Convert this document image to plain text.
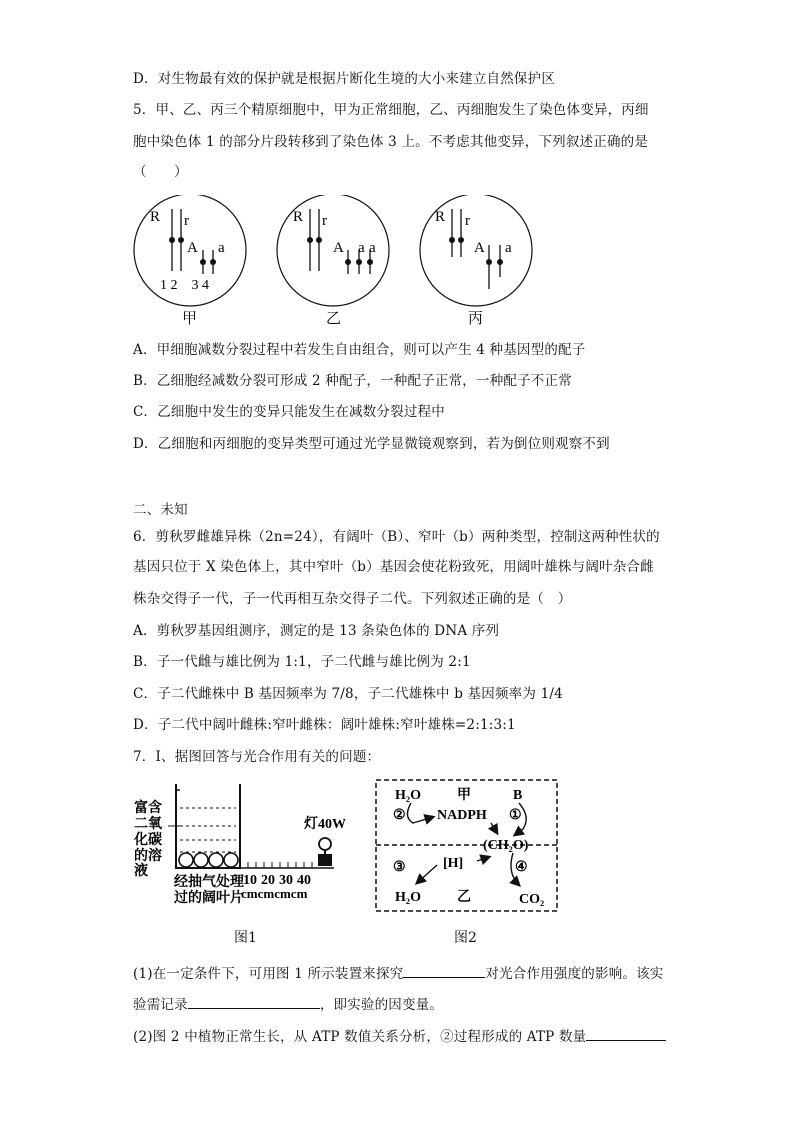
D．对生物最有效的保护就是根据片断化生境的大小来建立自然保护区
5．甲、乙、丙三个精原细胞中，甲为正常细胞，乙、丙细胞发生了染色体变异，丙细
胞中染色体 1 的部分片段转移到了染色体 3 上。不考虑其他变异，下列叙述正确的是
（　　）
R r
A a
1 2　3 4
R r
A a a
R r
A a
甲	乙	丙
A．甲细胞减数分裂过程中若发生自由组合，则可以产生 4 种基因型的配子
B．乙细胞经减数分裂可形成 2 种配子，一种配子正常，一种配子不正常
C．乙细胞中发生的变异只能发生在减数分裂过程中
D．乙细胞和丙细胞的变异类型可通过光学显微镜观察到，若为倒位则观察不到
二、未知
6．剪秋罗雌雄异株（2n=24），有阔叶（B）、窄叶（b）两种类型，控制这两种性状的
基因只位于 X 染色体上，其中窄叶（b）基因会使花粉致死，用阔叶雄株与阔叶杂合雌
株杂交得子一代，子一代再相互杂交得子二代。下列叙述正确的是（　）
A．剪秋罗基因组测序，测定的是 13 条染色体的 DNA 序列
B．子一代雌与雄比例为 1:1，子二代雌与雄比例为 2:1
C．子二代雌株中 B 基因频率为 7/8，子二代雄株中 b 基因频率为 1/4
D．子二代中阔叶雌株:窄叶雌株：阔叶雄株:窄叶雄株=2:1:3:1
7．Ⅰ、据图回答与光合作用有关的问题：
富含
二氧
化碳
的溶
液
灯40W
10 20 30 40
cmcmcmcm
经抽气处理
过的阔叶片
H₂O	甲	B
② NADPH ①
(CH₂O)
③	[H]	④
H₂O	乙	CO₂
图1	图2
(1)在一定条件下，可用图 1 所示装置来探究	对光合作用强度的影响。该实
验需记录	，即实验的因变量。
(2)图 2 中植物正常生长，从 ATP 数值关系分析，②过程形成的 ATP 数量
